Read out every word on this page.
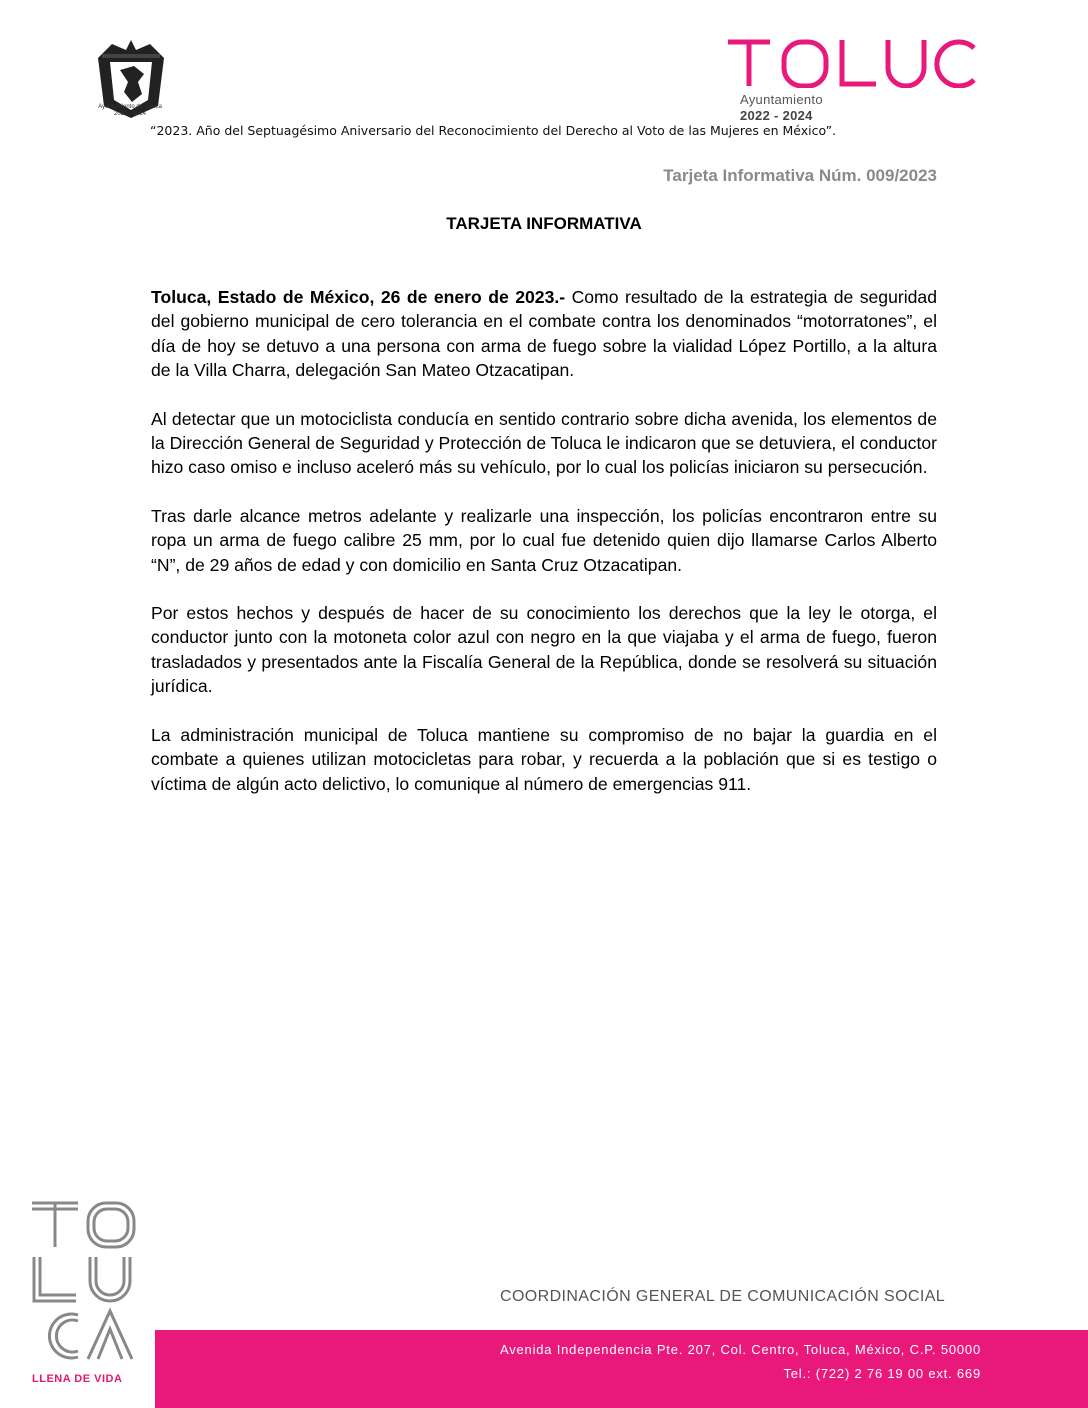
Ayuntamiento de Toluca
2022 - 2024
Ayuntamiento
2022 - 2024
“2023. Año del Septuagésimo Aniversario del Reconocimiento del Derecho al Voto de las Mujeres en México”.
Tarjeta Informativa Núm. 009/2023
TARJETA INFORMATIVA

Toluca, Estado de México, 26 de enero de 2023.- Como resultado de la estrategia de seguridad del gobierno municipal de cero tolerancia en el combate contra los denominados “motorratones”, el día de hoy se detuvo a una persona con arma de fuego sobre la vialidad López Portillo, a la altura de la Villa Charra, delegación San Mateo Otzacatipan.

Al detectar que un motociclista conducía en sentido contrario sobre dicha avenida, los elementos de la Dirección General de Seguridad y Protección de Toluca le indicaron que se detuviera, el conductor hizo caso omiso e incluso aceleró más su vehículo, por lo cual los policías iniciaron su persecución.

Tras darle alcance metros adelante y realizarle una inspección, los policías encontraron entre su ropa un arma de fuego calibre 25 mm, por lo cual fue detenido quien dijo llamarse Carlos Alberto “N”, de 29 años de edad y con domicilio en Santa Cruz Otzacatipan.

Por estos hechos y después de hacer de su conocimiento los derechos que la ley le otorga, el conductor junto con la motoneta color azul con negro en la que viajaba y el arma de fuego, fueron trasladados y presentados ante la Fiscalía General de la República, donde se resolverá su situación jurídica.

La administración municipal de Toluca mantiene su compromiso de no bajar la guardia en el combate a quienes utilizan motocicletas para robar, y recuerda a la población que si es testigo o víctima de algún acto delictivo, lo comunique al número de emergencias 911.

LLENA DE VIDA
COORDINACIÓN GENERAL DE COMUNICACIÓN SOCIAL
Avenida Independencia Pte. 207, Col. Centro, Toluca, México, C.P. 50000
Tel.: (722) 2 76 19 00 ext. 669
